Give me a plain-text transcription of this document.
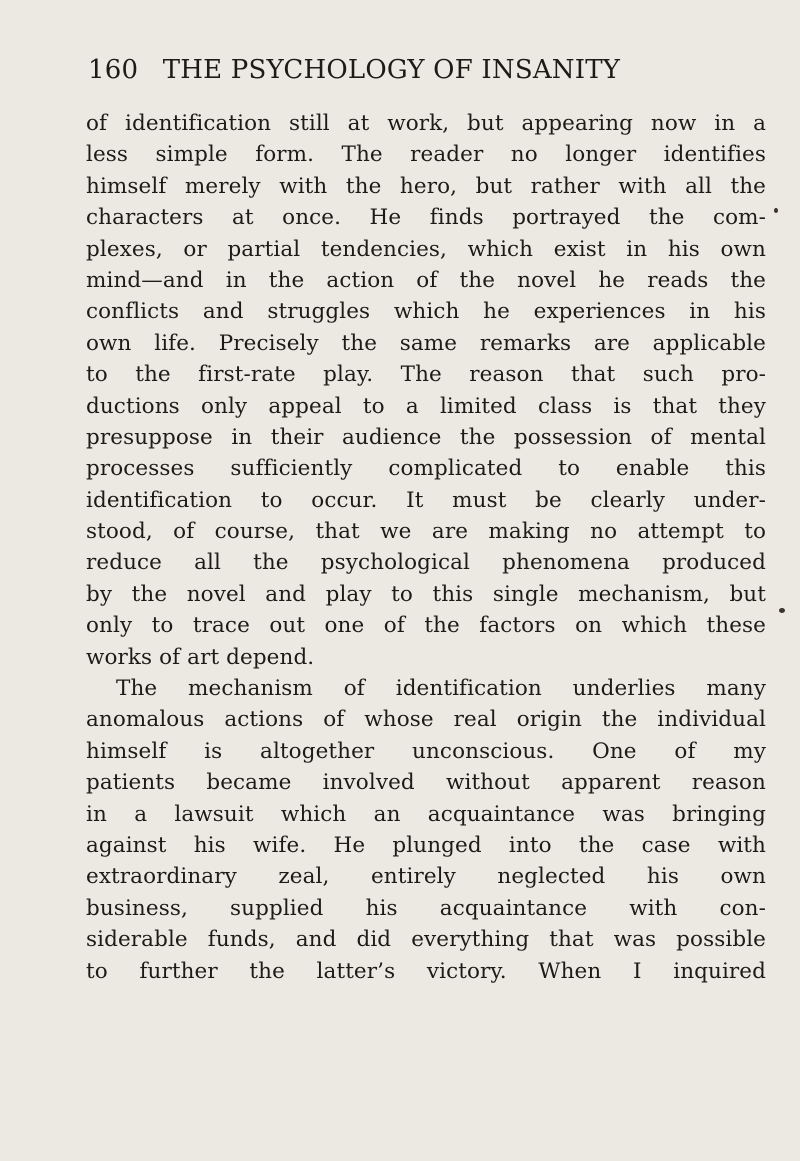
160 THE PSYCHOLOGY OF INSANITY
of identification still at work, but appearing now in a
less simple form. The reader no longer identifies
himself merely with the hero, but rather with all the
characters at once. He finds portrayed the com-
plexes, or partial tendencies, which exist in his own
mind—and in the action of the novel he reads the
conflicts and struggles which he experiences in his
own life. Precisely the same remarks are applicable
to the first-rate play. The reason that such pro-
ductions only appeal to a limited class is that they
presuppose in their audience the possession of mental
processes sufficiently complicated to enable this
identification to occur. It must be clearly under-
stood, of course, that we are making no attempt to
reduce all the psychological phenomena produced
by the novel and play to this single mechanism, but
only to trace out one of the factors on which these
works of art depend.
The mechanism of identification underlies many
anomalous actions of whose real origin the individual
himself is altogether unconscious. One of my
patients became involved without apparent reason
in a lawsuit which an acquaintance was bringing
against his wife. He plunged into the case with
extraordinary zeal, entirely neglected his own
business, supplied his acquaintance with con-
siderable funds, and did everything that was possible
to further the latter’s victory. When I inquired
